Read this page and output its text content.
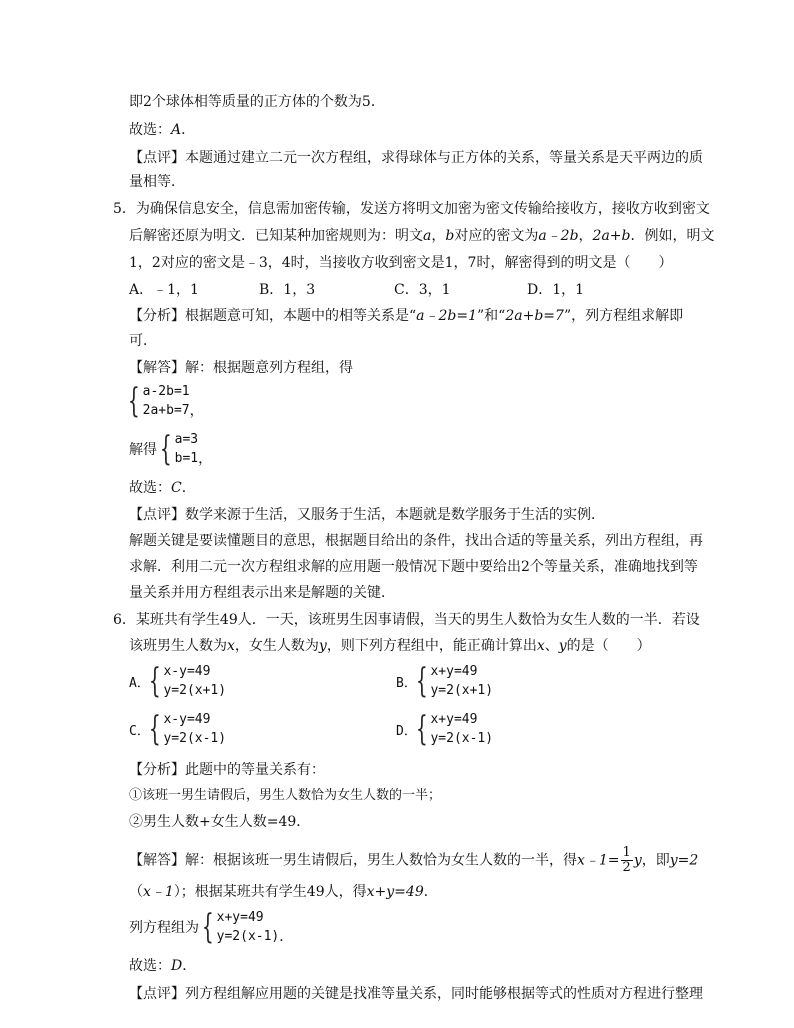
即2个球体相等质量的正方体的个数为5．
故选：A．
【点评】本题通过建立二元一次方程组，求得球体与正方体的关系，等量关系是天平两边的质
量相等．
5．为确保信息安全，信息需加密传输，发送方将明文加密为密文传输给接收方，接收方收到密文
后解密还原为明文．已知某种加密规则为：明文a，b对应的密文为a﹣2b，2a+b．例如，明文
1，2对应的密文是﹣3，4时，当接收方收到密文是1，7时，解密得到的明文是（　　）
A．﹣1，1	B．1，3	C．3，1	D．1，1
【分析】根据题意可知，本题中的相等关系是“a﹣2b=1”和“2a+b=7”，列方程组求解即
可．
【解答】解：根据题意列方程组，得
{ a-2b=1
2a+b=7 ，
解得 { a=3
b=1 ，
故选：C．
【点评】数学来源于生活，又服务于生活，本题就是数学服务于生活的实例．
解题关键是要读懂题目的意思，根据题目给出的条件，找出合适的等量关系，列出方程组，再
求解．利用二元一次方程组求解的应用题一般情况下题中要给出2个等量关系，准确地找到等
量关系并用方程组表示出来是解题的关键．
6．某班共有学生49人．一天，该班男生因事请假，当天的男生人数恰为女生人数的一半．若设
该班男生人数为x，女生人数为y，则下列方程组中，能正确计算出x、y的是（　　）
A．
{ x-y=49
y=2(x+1)	B．
{ x+y=49
y=2(x+1)
C．
{ x-y=49
y=2(x-1)	D．
{ x+y=49
y=2(x-1)
【分析】此题中的等量关系有：
①该班一男生请假后，男生人数恰为女生人数的一半；
②男生人数+女生人数=49．
【解答】解：根据该班一男生请假后，男生人数恰为女生人数的一半，得x﹣1= $\frac{1}{2}$ y，即y=2
（x﹣1）；根据某班共有学生49人，得x+y=49．
列方程组为 { x+y=49
y=2(x-1) ．
故选：D．
【点评】列方程组解应用题的关键是找准等量关系，同时能够根据等式的性质对方程进行整理
